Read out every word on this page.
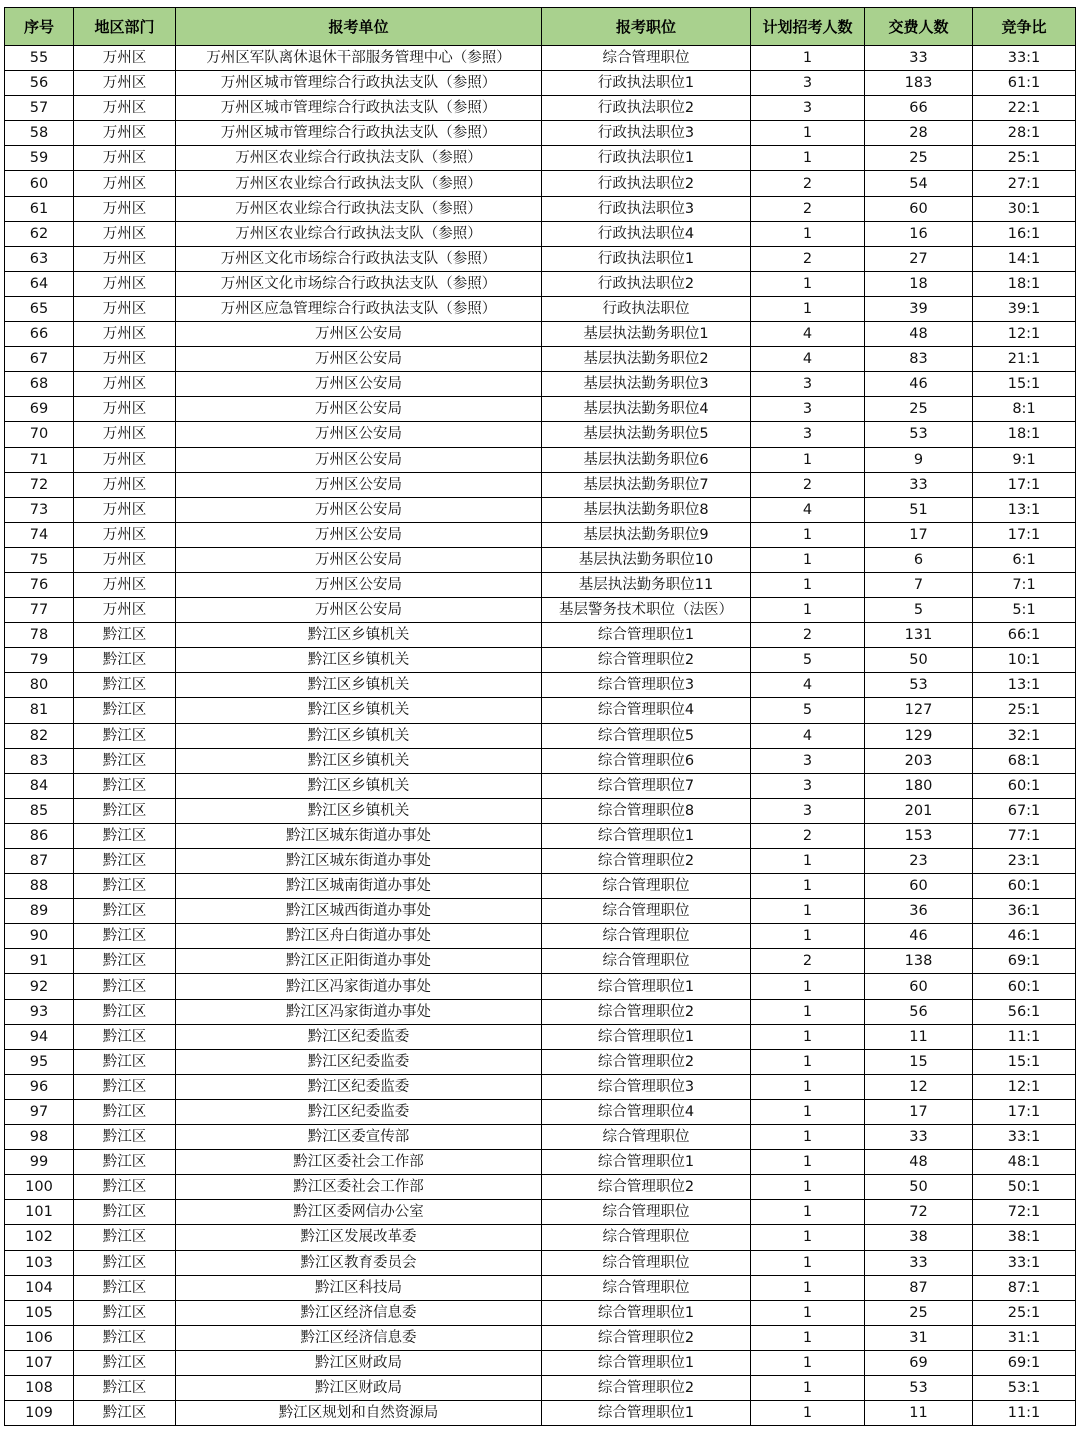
序号	地区部门	报考单位	报考职位	计划招考人数	交费人数	竞争比
55	万州区	万州区军队离休退休干部服务管理中心（参照）	综合管理职位	1	33	33:1
56	万州区	万州区城市管理综合行政执法支队（参照）	行政执法职位1	3	183	61:1
57	万州区	万州区城市管理综合行政执法支队（参照）	行政执法职位2	3	66	22:1
58	万州区	万州区城市管理综合行政执法支队（参照）	行政执法职位3	1	28	28:1
59	万州区	万州区农业综合行政执法支队（参照）	行政执法职位1	1	25	25:1
60	万州区	万州区农业综合行政执法支队（参照）	行政执法职位2	2	54	27:1
61	万州区	万州区农业综合行政执法支队（参照）	行政执法职位3	2	60	30:1
62	万州区	万州区农业综合行政执法支队（参照）	行政执法职位4	1	16	16:1
63	万州区	万州区文化市场综合行政执法支队（参照）	行政执法职位1	2	27	14:1
64	万州区	万州区文化市场综合行政执法支队（参照）	行政执法职位2	1	18	18:1
65	万州区	万州区应急管理综合行政执法支队（参照）	行政执法职位	1	39	39:1
66	万州区	万州区公安局	基层执法勤务职位1	4	48	12:1
67	万州区	万州区公安局	基层执法勤务职位2	4	83	21:1
68	万州区	万州区公安局	基层执法勤务职位3	3	46	15:1
69	万州区	万州区公安局	基层执法勤务职位4	3	25	8:1
70	万州区	万州区公安局	基层执法勤务职位5	3	53	18:1
71	万州区	万州区公安局	基层执法勤务职位6	1	9	9:1
72	万州区	万州区公安局	基层执法勤务职位7	2	33	17:1
73	万州区	万州区公安局	基层执法勤务职位8	4	51	13:1
74	万州区	万州区公安局	基层执法勤务职位9	1	17	17:1
75	万州区	万州区公安局	基层执法勤务职位10	1	6	6:1
76	万州区	万州区公安局	基层执法勤务职位11	1	7	7:1
77	万州区	万州区公安局	基层警务技术职位（法医）	1	5	5:1
78	黔江区	黔江区乡镇机关	综合管理职位1	2	131	66:1
79	黔江区	黔江区乡镇机关	综合管理职位2	5	50	10:1
80	黔江区	黔江区乡镇机关	综合管理职位3	4	53	13:1
81	黔江区	黔江区乡镇机关	综合管理职位4	5	127	25:1
82	黔江区	黔江区乡镇机关	综合管理职位5	4	129	32:1
83	黔江区	黔江区乡镇机关	综合管理职位6	3	203	68:1
84	黔江区	黔江区乡镇机关	综合管理职位7	3	180	60:1
85	黔江区	黔江区乡镇机关	综合管理职位8	3	201	67:1
86	黔江区	黔江区城东街道办事处	综合管理职位1	2	153	77:1
87	黔江区	黔江区城东街道办事处	综合管理职位2	1	23	23:1
88	黔江区	黔江区城南街道办事处	综合管理职位	1	60	60:1
89	黔江区	黔江区城西街道办事处	综合管理职位	1	36	36:1
90	黔江区	黔江区舟白街道办事处	综合管理职位	1	46	46:1
91	黔江区	黔江区正阳街道办事处	综合管理职位	2	138	69:1
92	黔江区	黔江区冯家街道办事处	综合管理职位1	1	60	60:1
93	黔江区	黔江区冯家街道办事处	综合管理职位2	1	56	56:1
94	黔江区	黔江区纪委监委	综合管理职位1	1	11	11:1
95	黔江区	黔江区纪委监委	综合管理职位2	1	15	15:1
96	黔江区	黔江区纪委监委	综合管理职位3	1	12	12:1
97	黔江区	黔江区纪委监委	综合管理职位4	1	17	17:1
98	黔江区	黔江区委宣传部	综合管理职位	1	33	33:1
99	黔江区	黔江区委社会工作部	综合管理职位1	1	48	48:1
100	黔江区	黔江区委社会工作部	综合管理职位2	1	50	50:1
101	黔江区	黔江区委网信办公室	综合管理职位	1	72	72:1
102	黔江区	黔江区发展改革委	综合管理职位	1	38	38:1
103	黔江区	黔江区教育委员会	综合管理职位	1	33	33:1
104	黔江区	黔江区科技局	综合管理职位	1	87	87:1
105	黔江区	黔江区经济信息委	综合管理职位1	1	25	25:1
106	黔江区	黔江区经济信息委	综合管理职位2	1	31	31:1
107	黔江区	黔江区财政局	综合管理职位1	1	69	69:1
108	黔江区	黔江区财政局	综合管理职位2	1	53	53:1
109	黔江区	黔江区规划和自然资源局	综合管理职位1	1	11	11:1
